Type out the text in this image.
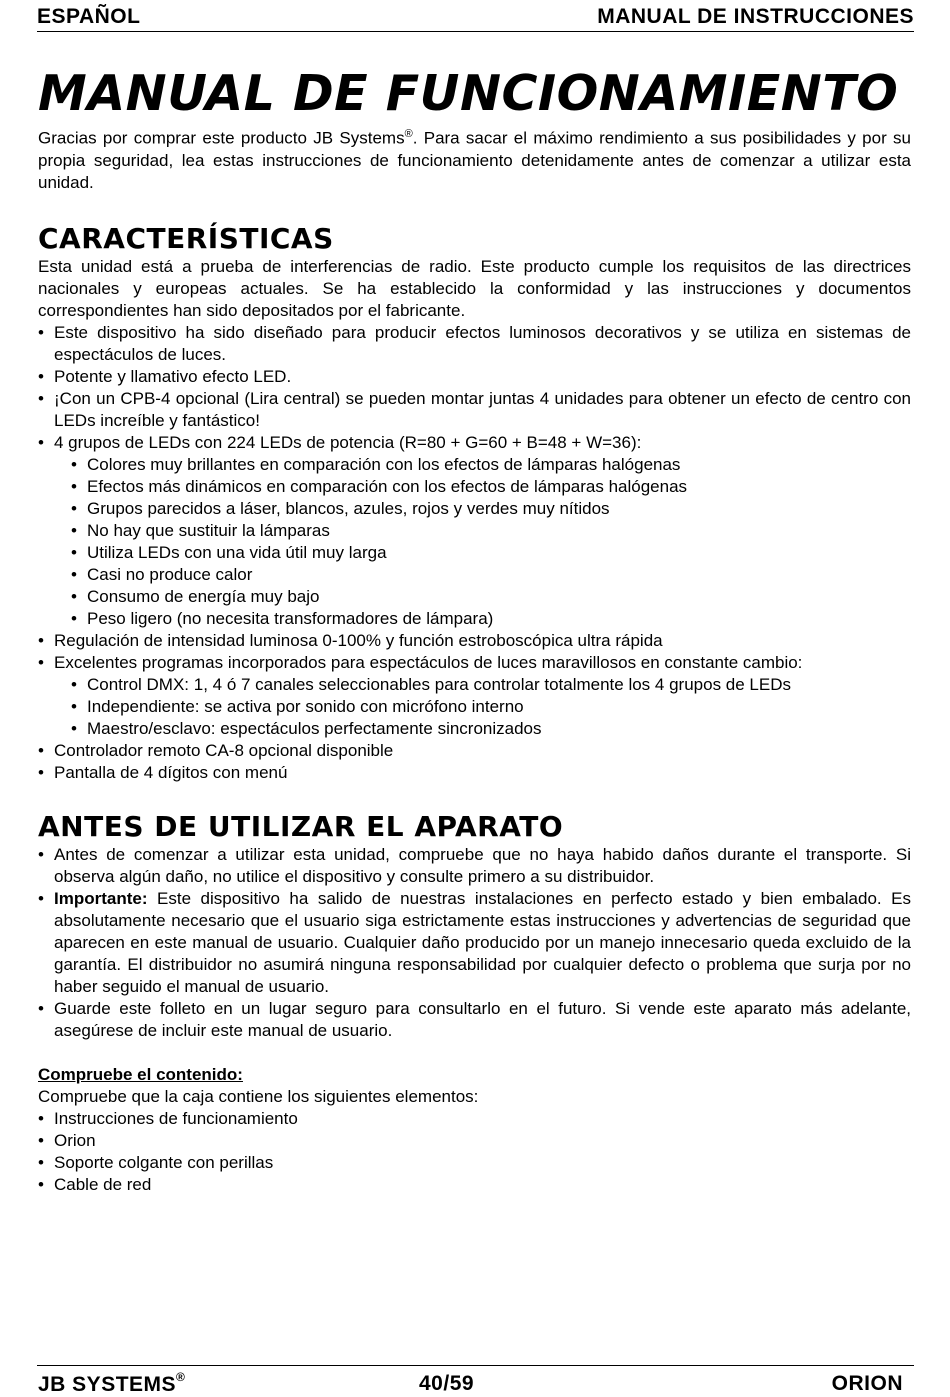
ESPAÑOL	MANUAL DE INSTRUCCIONES
MANUAL DE FUNCIONAMIENTO

Gracias por comprar este producto JB Systems®. Para sacar el máximo rendimiento a sus posibilidades y por su propia seguridad, lea estas instrucciones de funcionamiento detenidamente antes de comenzar a utilizar esta unidad.

CARACTERÍSTICAS

Esta unidad está a prueba de interferencias de radio. Este producto cumple los requisitos de las directrices nacionales y europeas actuales. Se ha establecido la conformidad y las instrucciones y documentos correspondientes han sido depositados por el fabricante.

• Este dispositivo ha sido diseñado para producir efectos luminosos decorativos y se utiliza en sistemas de espectáculos de luces.
• Potente y llamativo efecto LED.
• ¡Con un CPB-4 opcional (Lira central) se pueden montar juntas 4 unidades para obtener un efecto de centro con LEDs increíble y fantástico!
• 4 grupos de LEDs con 224 LEDs de potencia (R=80 + G=60 + B=48 + W=36):
• Colores muy brillantes en comparación con los efectos de lámparas halógenas
• Efectos más dinámicos en comparación con los efectos de lámparas halógenas
• Grupos parecidos a láser, blancos, azules, rojos y verdes muy nítidos
• No hay que sustituir la lámparas
• Utiliza LEDs con una vida útil muy larga
• Casi no produce calor
• Consumo de energía muy bajo
• Peso ligero (no necesita transformadores de lámpara)
• Regulación de intensidad luminosa 0-100% y función estroboscópica ultra rápida
• Excelentes programas incorporados para espectáculos de luces maravillosos en constante cambio:
• Control DMX: 1, 4 ó 7 canales seleccionables para controlar totalmente los 4 grupos de LEDs
• Independiente: se activa por sonido con micrófono interno
• Maestro/esclavo: espectáculos perfectamente sincronizados
• Controlador remoto CA-8 opcional disponible
• Pantalla de 4 dígitos con menú
ANTES DE UTILIZAR EL APARATO
• Antes de comenzar a utilizar esta unidad, compruebe que no haya habido daños durante el transporte. Si observa algún daño, no utilice el dispositivo y consulte primero a su distribuidor.
• Importante: Este dispositivo ha salido de nuestras instalaciones en perfecto estado y bien embalado. Es absolutamente necesario que el usuario siga estrictamente estas instrucciones y advertencias de seguridad que aparecen en este manual de usuario. Cualquier daño producido por un manejo innecesario queda excluido de la garantía. El distribuidor no asumirá ninguna responsabilidad por cualquier defecto o problema que surja por no haber seguido el manual de usuario.
• Guarde este folleto en un lugar seguro para consultarlo en el futuro. Si vende este aparato más adelante, asegúrese de incluir este manual de usuario.
Compruebe el contenido:
Compruebe que la caja contiene los siguientes elementos:
• Instrucciones de funcionamiento
• Orion
• Soporte colgante con perillas
• Cable de red
JB SYSTEMS®	40/59	ORION
